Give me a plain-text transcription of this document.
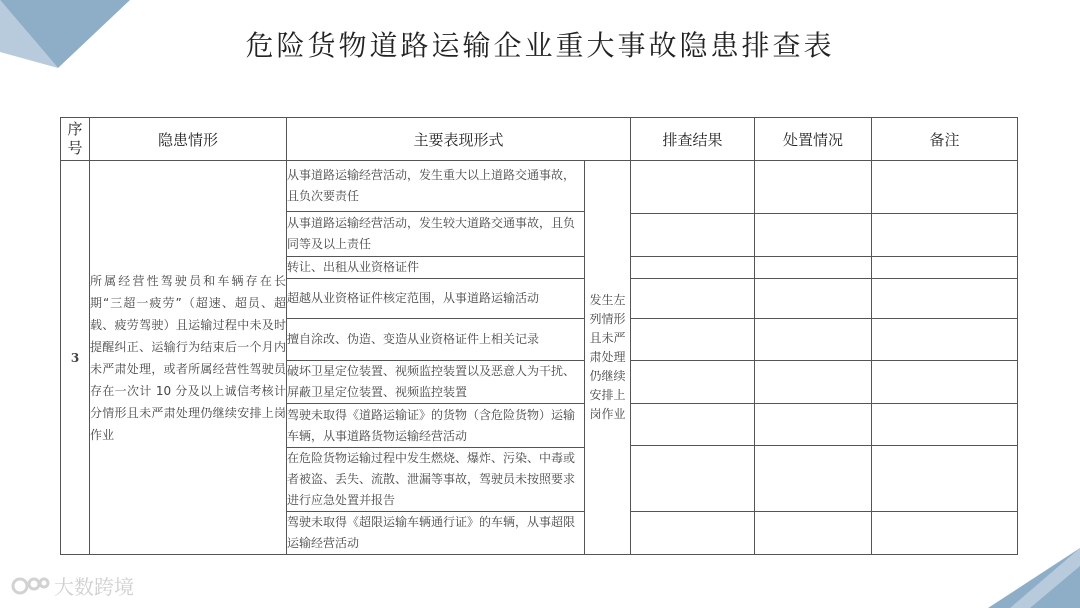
危险货物道路运输企业重大事故隐患排查表
序号	隐患情形	主要表现形式		排查结果	处置情况	备注
3	所属经营性驾驶员和车辆存在长期“三超一疲劳”（超速、超员、超载、疲劳驾驶）且运输过程中未及时提醒纠正、运输行为结束后一个月内未严肃处理，或者所属经营性驾驶员存在一次计 10 分及以上诚信考核计分情形且未严肃处理仍继续安排上岗作业	从事道路运输经营活动，发生重大以上道路交通事故，且负次要责任	发生左列情形且未严肃处理仍继续安排上岗作业			
		从事道路运输经营活动，发生较大道路交通事故，且负同等及以上责任				

		转让、出租从业资格证件				
		超越从业资格证件核定范围，从事道路运输活动				
		擅自涂改、伪造、变造从业资格证件上相关记录				
		破坏卫星定位装置、视频监控装置以及恶意人为干扰、屏蔽卫星定位装置、视频监控装置				
		驾驶未取得《道路运输证》的货物（含危险货物）运输车辆，从事道路货物运输经营活动				

		在危险货物运输过程中发生燃烧、爆炸、污染、中毒或者被盗、丢失、流散、泄漏等事故，驾驶员未按照要求进行应急处置并报告				
		驾驶未取得《超限运输车辆通行证》的车辆，从事超限运输经营活动				

大数跨境
